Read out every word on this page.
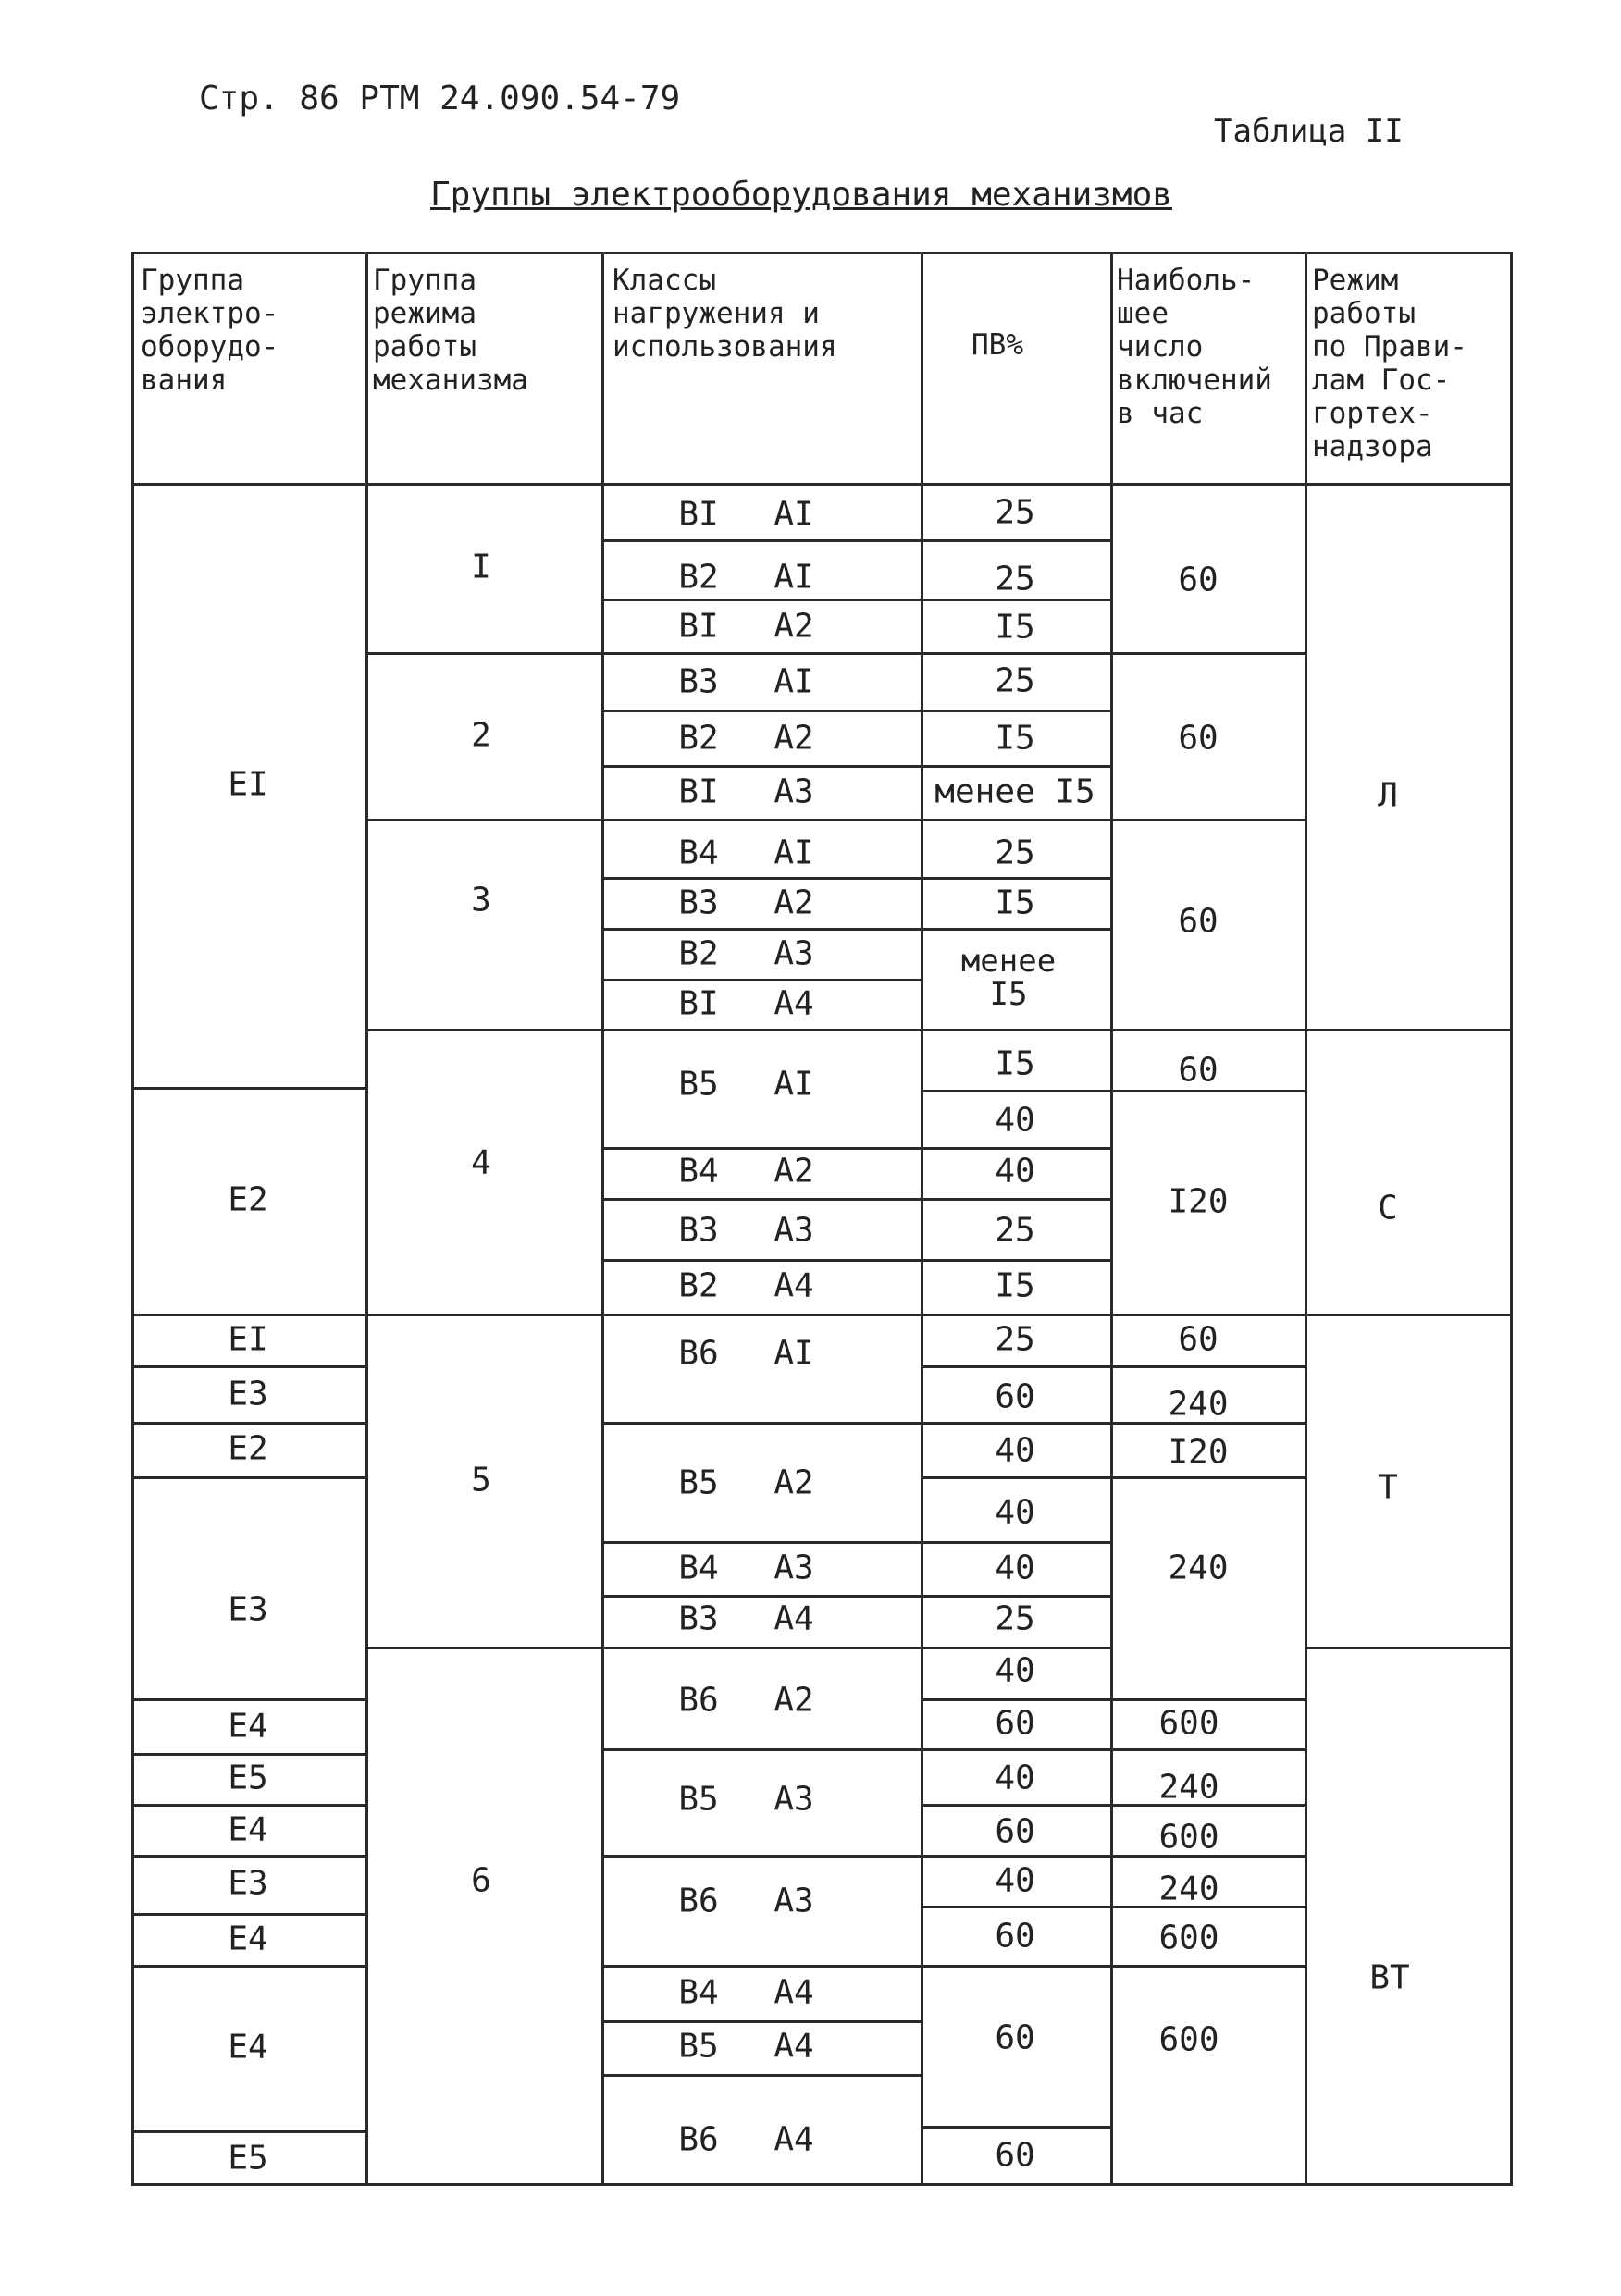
Стр. 86 РТМ 24.090.54-79
Таблица II
Группы электрооборудования механизмов
Группа
электро-
оборудо-
вания
Группа
режима
работы
механизма
Классы
нагружения и
использования	ПВ%
Наиболь-
шее
число
включений
в час
Режим
работы
по Прави-
лам Гос-
гортех-
надзора
ЕI
Е2
ЕI
Е3
Е2
Е3
Е4
Е5
Е4
Е3
Е4
Е4
Е5
I
2
3
4
5
6
ВI АI
В2 АI
ВI А2
В3 АI
В2 А2
ВI А3
В4 АI
В3 А2
В2 А3
ВI А4
В5 АI
В4 А2
В3 А3
В2 А4
В6 АI
В5 А2
В4 А3
В3 А4
В6 А2
В5 А3
В6 А3
В4 А4
В5 А4
В6 А4
25
25
I5
25
I5
менее I5
25
I5
менее
I5
I5
40
40
25
I5
25
60
40
40
40
25
40
60
40
60
40
60
60
60
60
60
60
60
I20
60
240
I20
240
600
240
600
240
600
600
Л
С
Т
ВТ
